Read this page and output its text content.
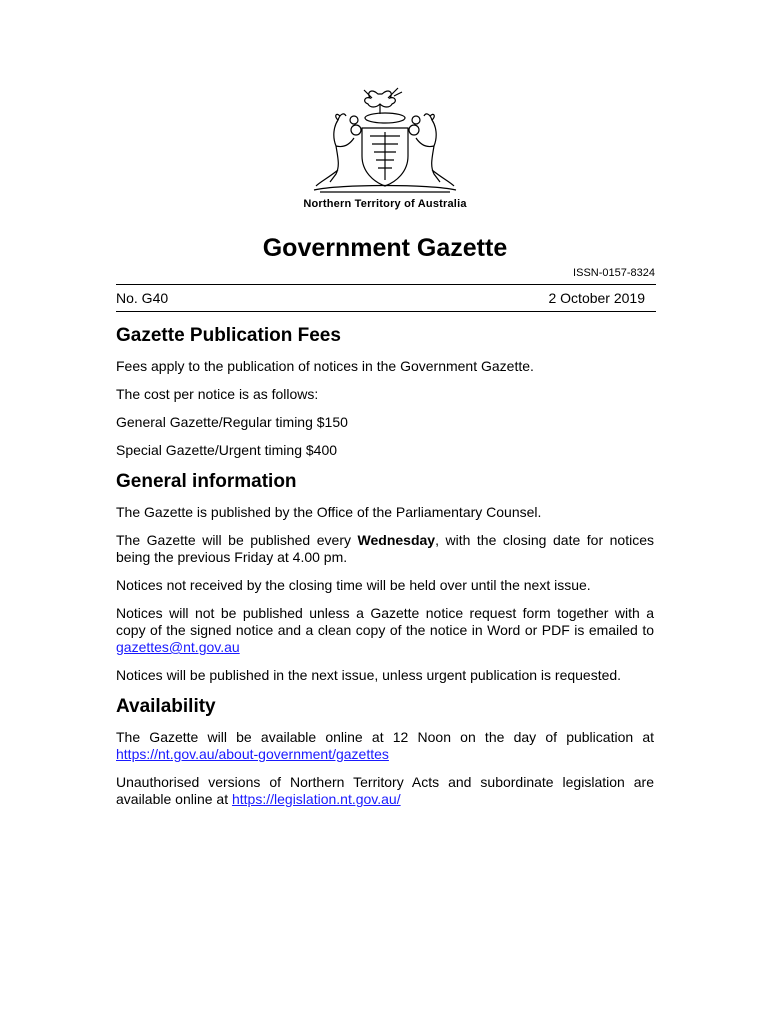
Northern Territory of Australia
Government Gazette
ISSN-0157-8324
No. G40	2 October 2019
Gazette Publication Fees

Fees apply to the publication of notices in the Government Gazette.

The cost per notice is as follows:

General Gazette/Regular timing $150

Special Gazette/Urgent timing $400

General information

The Gazette is published by the Office of the Parliamentary Counsel.

The Gazette will be published every Wednesday, with the closing date for notices being the previous Friday at 4.00 pm.

Notices not received by the closing time will be held over until the next issue.

Notices will not be published unless a Gazette notice request form together with a copy of the signed notice and a clean copy of the notice in Word or PDF is emailed to gazettes@nt.gov.au

Notices will be published in the next issue, unless urgent publication is requested.

Availability

The Gazette will be available online at 12 Noon on the day of publication at https://nt.gov.au/about-government/gazettes

Unauthorised versions of Northern Territory Acts and subordinate legislation are available online at https://legislation.nt.gov.au/
